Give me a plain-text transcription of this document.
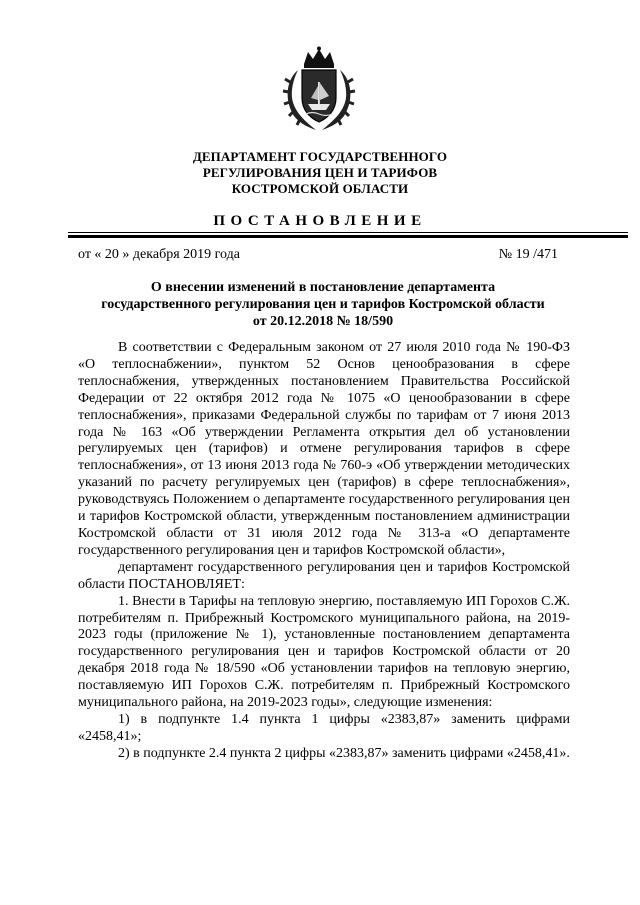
ДЕПАРТАМЕНТ ГОСУДАРСТВЕННОГО
РЕГУЛИРОВАНИЯ ЦЕН И ТАРИФОВ
КОСТРОМСКОЙ ОБЛАСТИ
ПОСТАНОВЛЕНИЕ
от « 20 » декабря 2019 года	№ 19 /471
О внесении изменений в постановление департамента
государственного регулирования цен и тарифов Костромской области
от 20.12.2018 № 18/590

В соответствии с Федеральным законом от 27 июля 2010 года № 190-ФЗ «О теплоснабжении», пунктом 52 Основ ценообразования в сфере теплоснабжения, утвержденных постановлением Правительства Российской Федерации от 22 октября 2012 года № 1075 «О ценообразовании в сфере теплоснабжения», приказами Федеральной службы по тарифам от 7 июня 2013 года № 163 «Об утверждении Регламента открытия дел об установлении регулируемых цен (тарифов) и отмене регулирования тарифов в сфере теплоснабжения», от 13 июня 2013 года № 760-э «Об утверждении методических указаний по расчету регулируемых цен (тарифов) в сфере теплоснабжения», руководствуясь Положением о департаменте государственного регулирования цен и тарифов Костромской области, утвержденным постановлением администрации Костромской области от 31 июля 2012 года № 313-а «О департаменте государственного регулирования цен и тарифов Костромской области»,

департамент государственного регулирования цен и тарифов Костромской области ПОСТАНОВЛЯЕТ:

1. Внести в Тарифы на тепловую энергию, поставляемую ИП Горохов С.Ж. потребителям п. Прибрежный Костромского муниципального района, на 2019-2023 годы (приложение № 1), установленные постановлением департамента государственного регулирования цен и тарифов Костромской области от 20 декабря 2018 года № 18/590 «Об установлении тарифов на тепловую энергию, поставляемую ИП Горохов С.Ж. потребителям п. Прибрежный Костромского муниципального района, на 2019-2023 годы», следующие изменения:

1) в подпункте 1.4 пункта 1 цифры «2383,87» заменить цифрами «2458,41»;

2) в подпункте 2.4 пункта 2 цифры «2383,87» заменить цифрами «2458,41».
